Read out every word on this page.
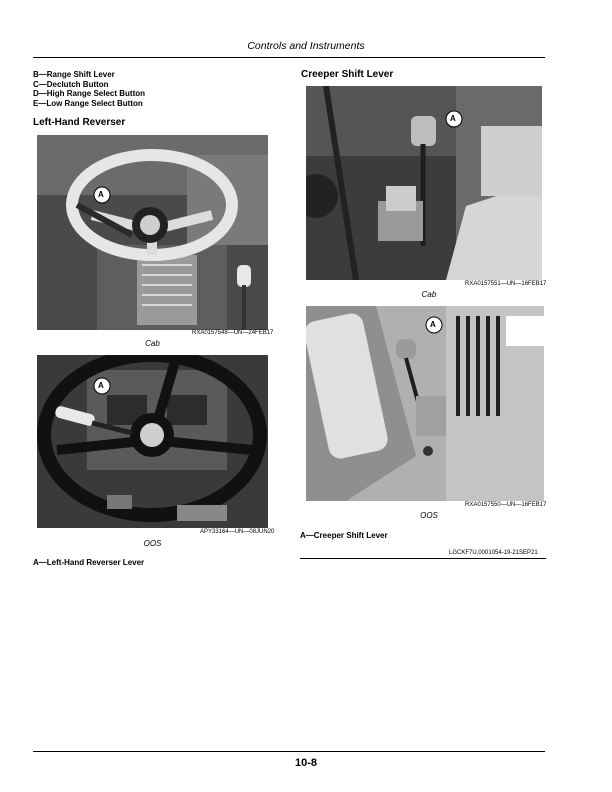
Controls and Instruments
B—Range Shift Lever
C—Declutch Button
D—High Range Select Button
E—Low Range Select Button
Left-Hand Reverser
A
RXA0157548—UN—24FEB17
Cab
A
APY33164—UN—08JUN20
OOS
A—Left-Hand Reverser Lever
Creeper Shift Lever
A
RXA0157551—UN—16FEB17
Cab
A
RXA0157550—UN—16FEB17
OOS
A—Creeper Shift Lever
LGCKF7U,0001054-19-21SEP21
10-8
